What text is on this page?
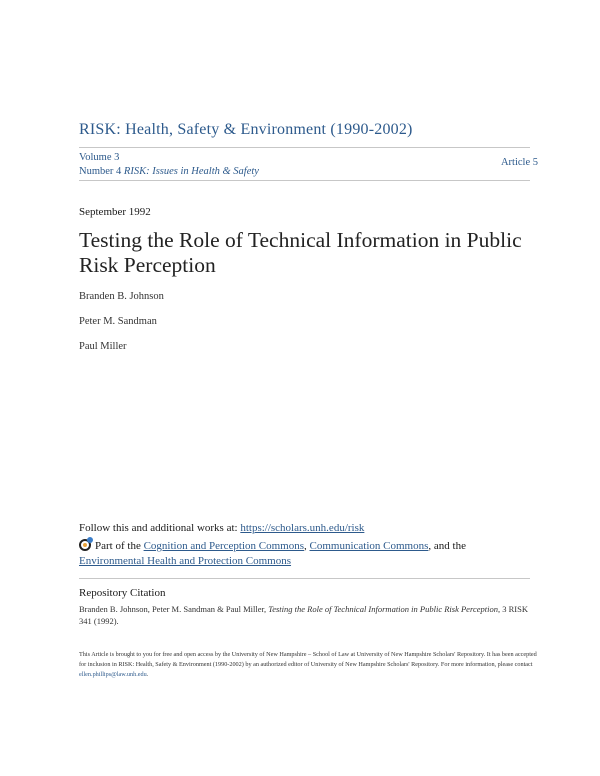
RISK: Health, Safety & Environment (1990-2002)
Volume 3
Number 4 RISK: Issues in Health & Safety
Article 5
September 1992
Testing the Role of Technical Information in Public Risk Perception
Branden B. Johnson
Peter M. Sandman
Paul Miller
Follow this and additional works at: https://scholars.unh.edu/risk
Part of the Cognition and Perception Commons, Communication Commons, and the
Environmental Health and Protection Commons
Repository Citation
Branden B. Johnson, Peter M. Sandman & Paul Miller, Testing the Role of Technical Information in Public Risk Perception, 3 RISK 341 (1992).
This Article is brought to you for free and open access by the University of New Hampshire – School of Law at University of New Hampshire Scholars' Repository. It has been accepted for inclusion in RISK: Health, Safety & Environment (1990-2002) by an authorized editor of University of New Hampshire Scholars' Repository. For more information, please contact ellen.phillips@law.unh.edu.
